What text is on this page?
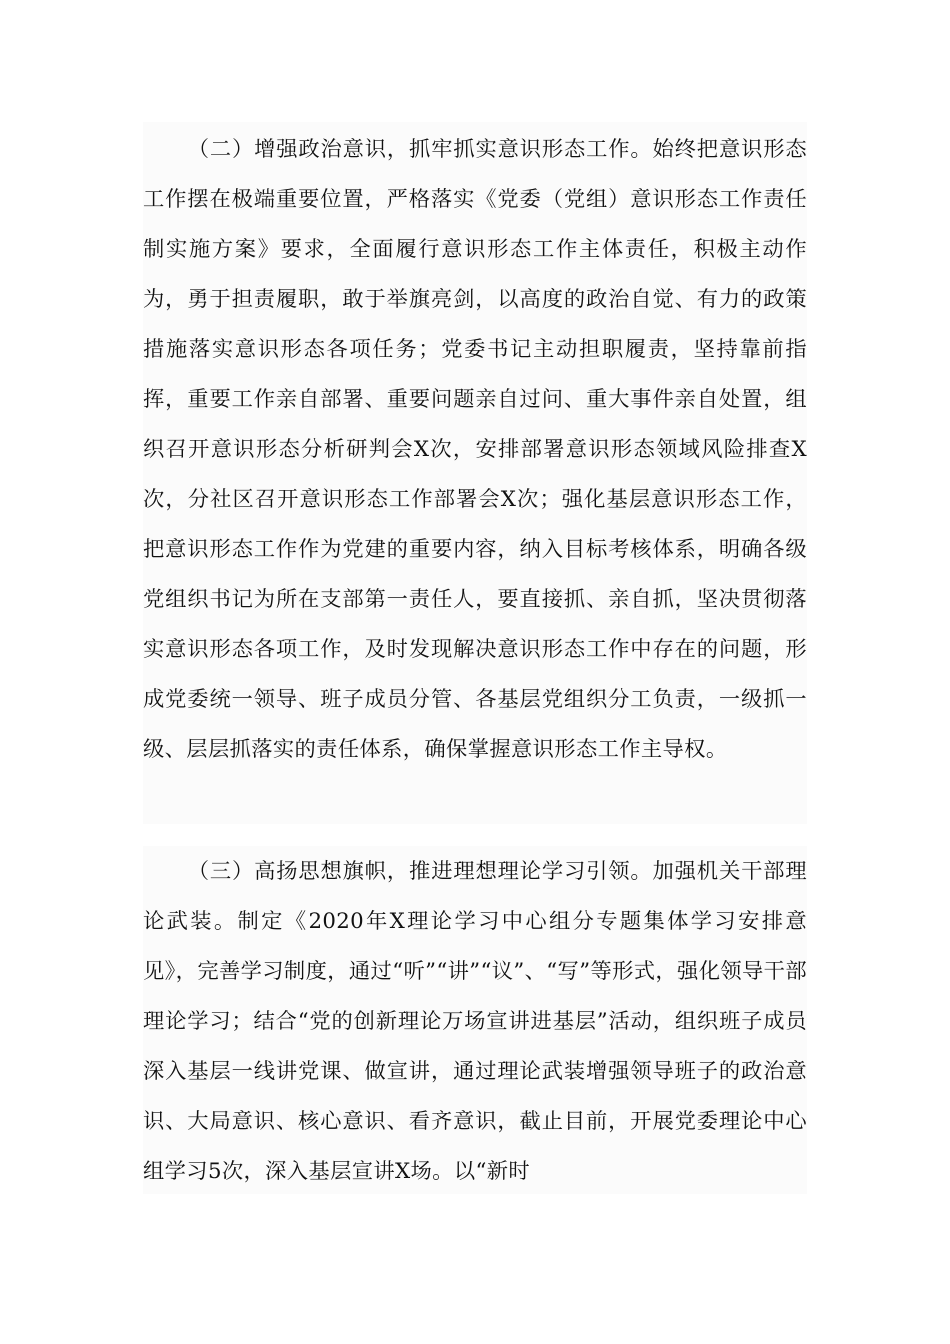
（二）增强政治意识，抓牢抓实意识形态工作。始终把意识形态工作摆在极端重要位置，严格落实《党委（党组）意识形态工作责任制实施方案》要求，全面履行意识形态工作主体责任，积极主动作为，勇于担责履职，敢于举旗亮剑，以高度的政治自觉、有力的政策措施落实意识形态各项任务；党委书记主动担职履责，坚持靠前指挥，重要工作亲自部署、重要问题亲自过问、重大事件亲自处置，组织召开意识形态分析研判会X次，安排部署意识形态领域风险排查X次，分社区召开意识形态工作部署会X次；强化基层意识形态工作，把意识形态工作作为党建的重要内容，纳入目标考核体系，明确各级党组织书记为所在支部第一责任人，要直接抓、亲自抓，坚决贯彻落实意识形态各项工作，及时发现解决意识形态工作中存在的问题，形成党委统一领导、班子成员分管、各基层党组织分工负责，一级抓一级、层层抓落实的责任体系，确保掌握意识形态工作主导权。

（三）高扬思想旗帜，推进理想理论学习引领。加强机关干部理论武装。制定《2020年X理论学习中心组分专题集体学习安排意见》，完善学习制度，通过“听”“讲”“议”、“写”等形式，强化领导干部理论学习；结合“党的创新理论万场宣讲进基层”活动，组织班子成员深入基层一线讲党课、做宣讲，通过理论武装增强领导班子的政治意识、大局意识、核心意识、看齐意识，截止目前，开展党委理论中心组学习5次，深入基层宣讲X场。以“新时
